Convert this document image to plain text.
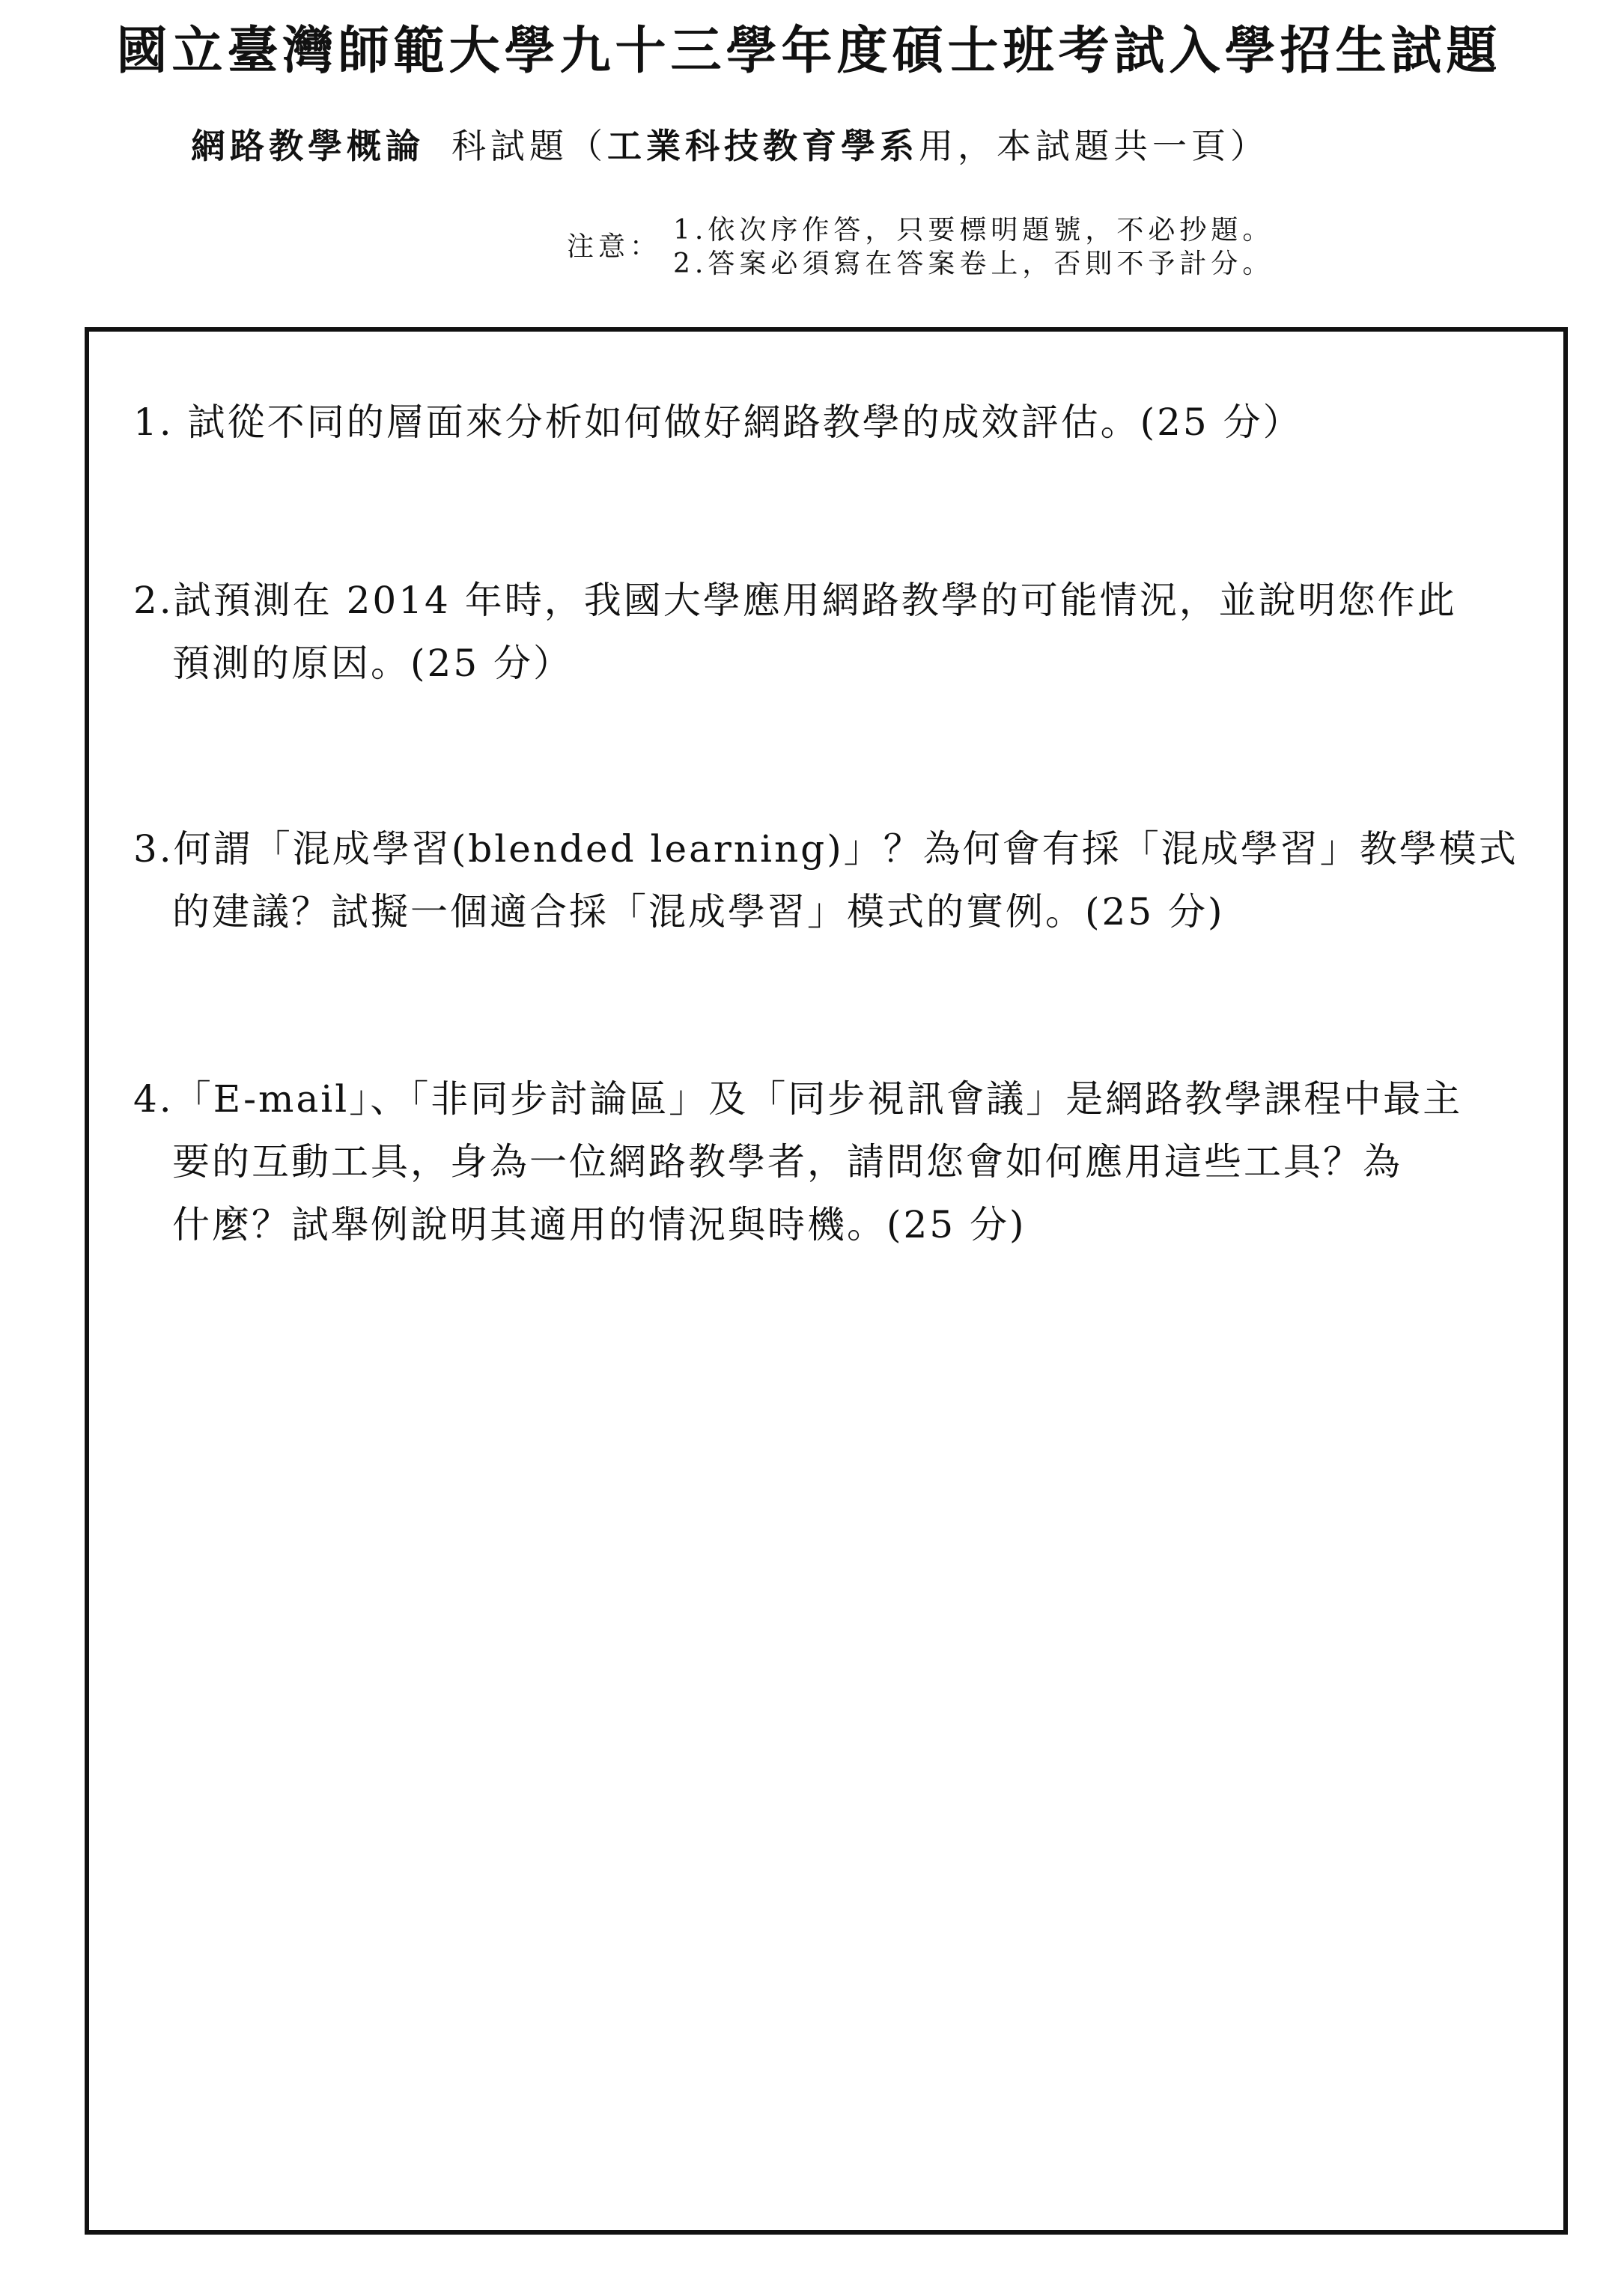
國立臺灣師範大學九十三學年度碩士班考試入學招生試題
網路教學概論 科試題（工業科技教育學系用，本試題共一頁）
注意：
1.依次序作答，只要標明題號，不必抄題。
2.答案必須寫在答案卷上，否則不予計分。
1. 試從不同的層面來分析如何做好網路教學的成效評估。(25 分）
2.試預測在 2014 年時，我國大學應用網路教學的可能情況，並說明您作此
預測的原因。(25 分）
3.何謂「混成學習(blended learning)」？為何會有採「混成學習」教學模式
的建議？試擬一個適合採「混成學習」模式的實例。(25 分)
4.「E-mail」、「非同步討論區」及「同步視訊會議」是網路教學課程中最主
要的互動工具，身為一位網路教學者，請問您會如何應用這些工具？為
什麼？試舉例說明其適用的情況與時機。(25 分)
